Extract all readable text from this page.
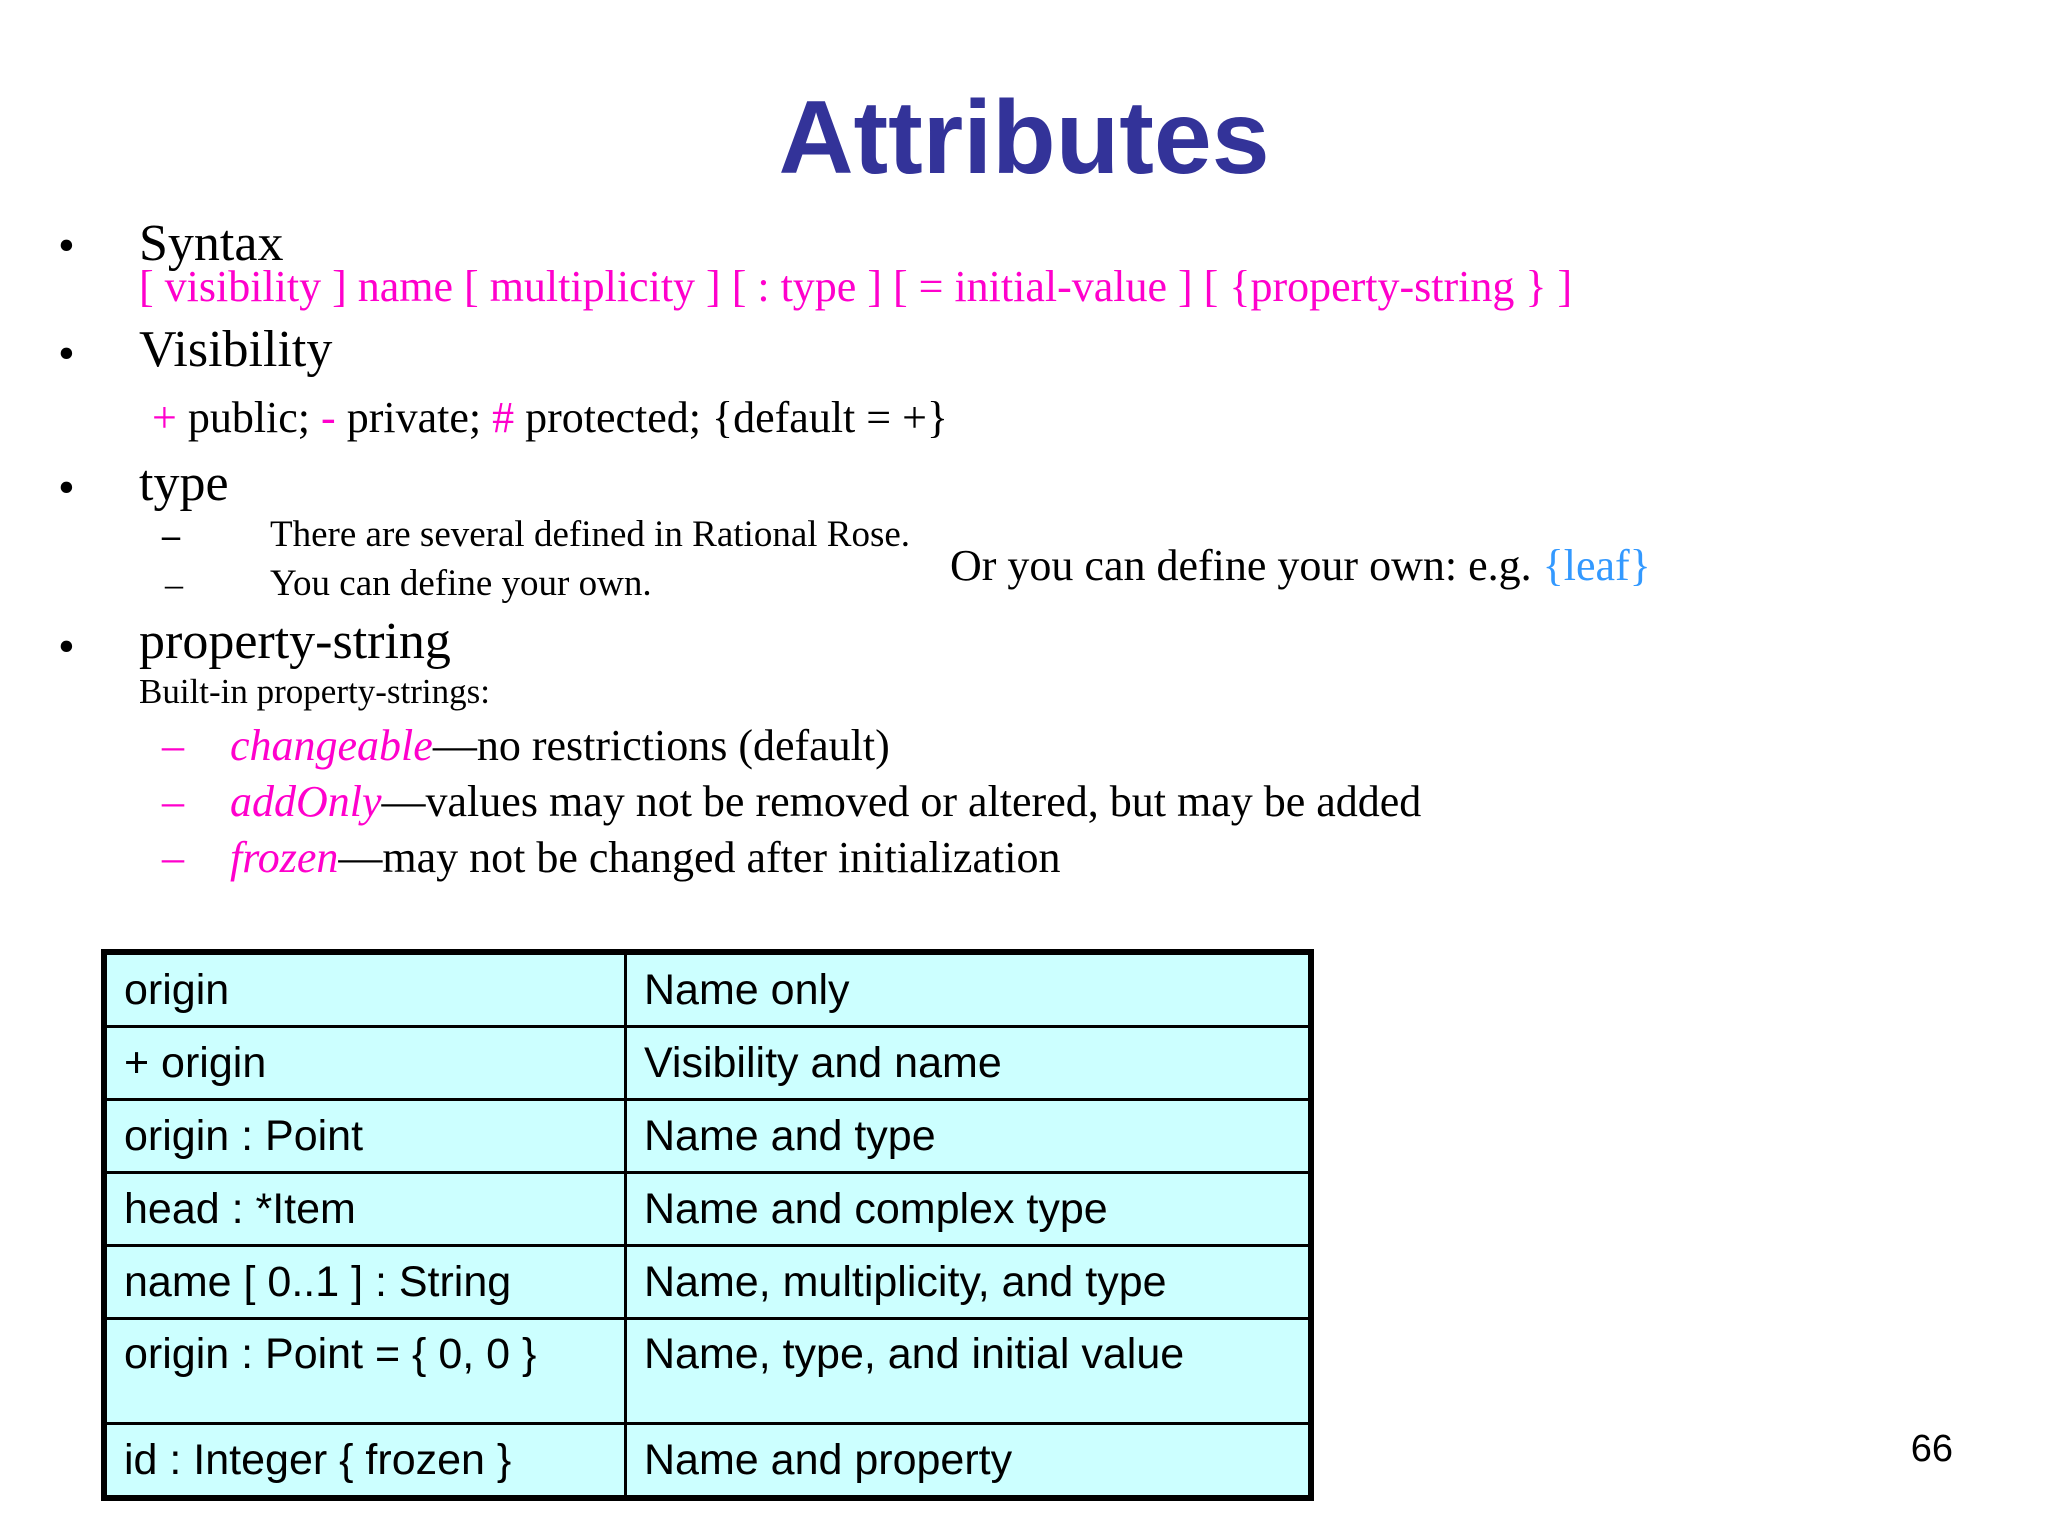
Attributes
• Syntax
[ visibility ] name [ multiplicity ] [ : type ] [ = initial-value ] [ {property-string } ]
• Visibility
+ public; - private; # protected; {default = +}
• type
– There are several defined in Rational Rose.
– You can define your own.	Or you can define your own: e.g. {leaf}
• property-string
Built-in property-strings:
– changeable—no restrictions (default)
– addOnly—values may not be removed or altered, but may be added
– frozen—may not be changed after initialization
origin	Name only
+ origin	Visibility and name
origin : Point	Name and type
head : *Item	Name and complex type
name [ 0..1 ] : String	Name, multiplicity, and type
origin : Point = { 0, 0 }	Name, type, and initial value
id : Integer { frozen }	Name and property	66
